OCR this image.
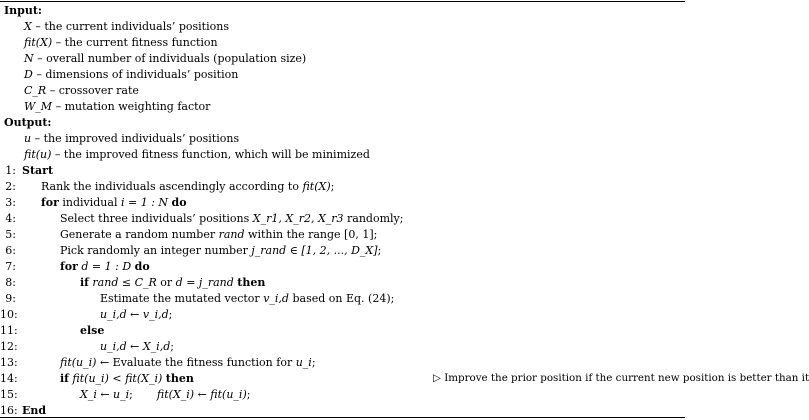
Input:
X – the current individuals’ positions
fit(X) – the current fitness function
N – overall number of individuals (population size)
D – dimensions of individuals’ position
C_R – crossover rate
W_M – mutation weighting factor
Output:
u – the improved individuals’ positions
fit(u) – the improved fitness function, which will be minimized
1: Start
2: Rank the individuals ascendingly according to fit(X);
3: for individual i = 1 : N do
4:	Select three individuals’ positions X_r1, X_r2, X_r3 randomly;
5:	Generate a random number rand within the range [0, 1];
6:	Pick randomly an integer number j_rand ∈ [1, 2, ..., D_X];
7:	for d = 1 : D do
8:	if rand ≤ C_R or d = j_rand then
9:	Estimate the mutated vector v_i,d based on Eq. (24);
10:	u_i,d ← v_i,d;
11:	else
12:	u_i,d ← X_i,d;
13:	fit(u_i) ← Evaluate the fitness function for u_i;
14:	if fit(u_i) < fit(X_i) then	▷ Improve the prior position if the current new position is better than it
15:	X_i ← u_i; fit(X_i) ← fit(u_i);
16: End
